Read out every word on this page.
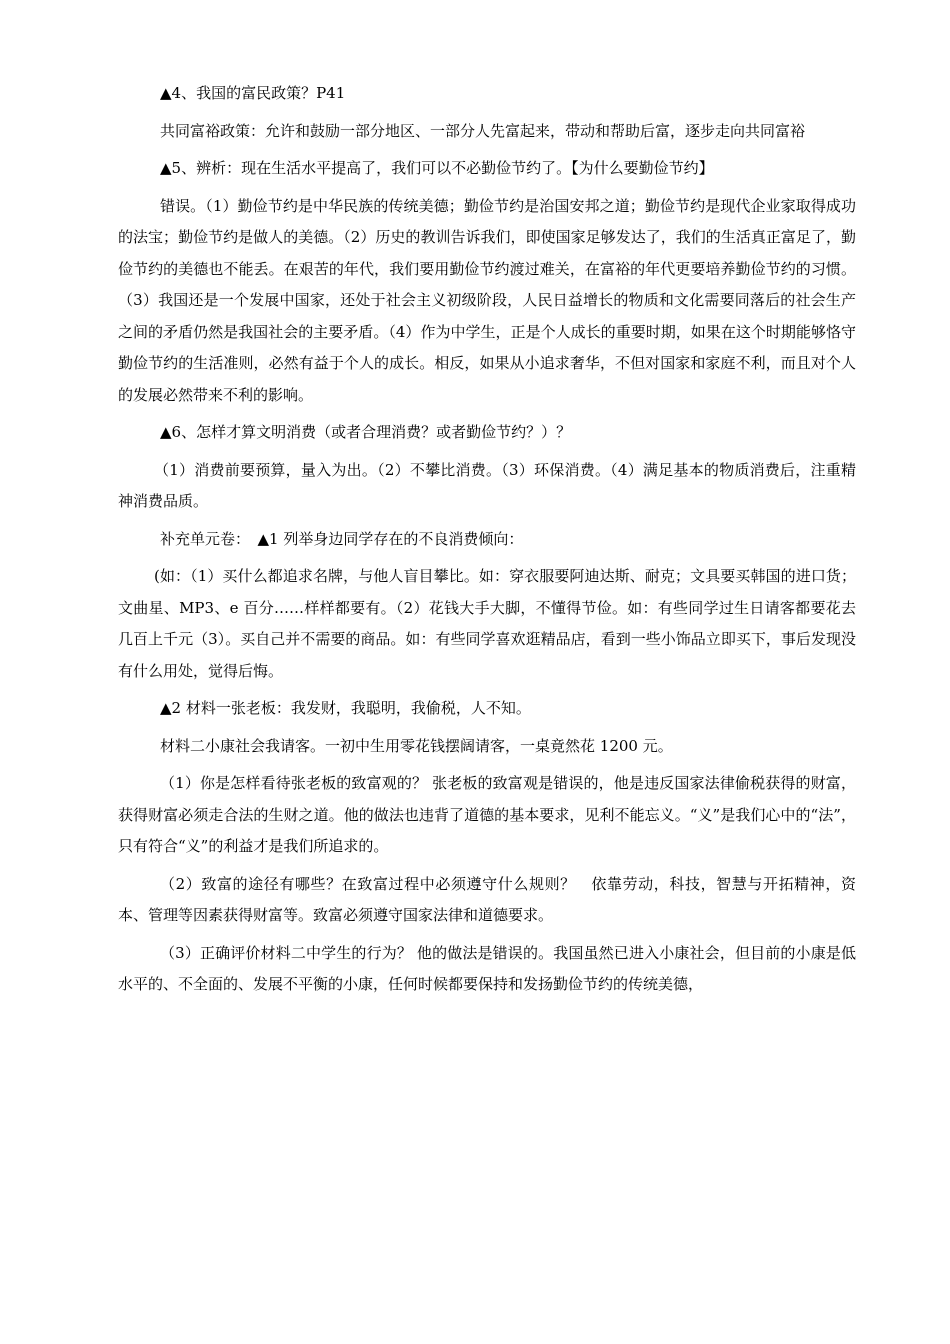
▲4、我国的富民政策？P41

共同富裕政策：允许和鼓励一部分地区、一部分人先富起来，带动和帮助后富，逐步走向共同富裕

▲5、辨析：现在生活水平提高了，我们可以不必勤俭节约了。【为什么要勤俭节约】

错误。（1）勤俭节约是中华民族的传统美德；勤俭节约是治国安邦之道；勤俭节约是现代企业家取得成功的法宝；勤俭节约是做人的美德。（2）历史的教训告诉我们，即使国家足够发达了，我们的生活真正富足了，勤俭节约的美德也不能丢。在艰苦的年代，我们要用勤俭节约渡过难关，在富裕的年代更要培养勤俭节约的习惯。（3）我国还是一个发展中国家，还处于社会主义初级阶段，人民日益增长的物质和文化需要同落后的社会生产之间的矛盾仍然是我国社会的主要矛盾。（4）作为中学生，正是个人成长的重要时期，如果在这个时期能够恪守勤俭节约的生活准则，必然有益于个人的成长。相反，如果从小追求奢华，不但对国家和家庭不利，而且对个人的发展必然带来不利的影响。

▲6、怎样才算文明消费（或者合理消费？或者勤俭节约？）？

（1）消费前要预算，量入为出。（2）不攀比消费。（3）环保消费。（4）满足基本的物质消费后，注重精神消费品质。

补充单元卷：　▲1 列举身边同学存在的不良消费倾向：

(如：（1）买什么都追求名牌，与他人盲目攀比。如：穿衣服要阿迪达斯、耐克；文具要买韩国的进口货；文曲星、MP3、e 百分……样样都要有。（2）花钱大手大脚，不懂得节俭。如：有些同学过生日请客都要花去几百上千元（3）。买自己并不需要的商品。如：有些同学喜欢逛精品店，看到一些小饰品立即买下，事后发现没有什么用处，觉得后悔。

▲2 材料一张老板：我发财，我聪明，我偷税，人不知。

材料二小康社会我请客。一初中生用零花钱摆阔请客，一桌竟然花 1200 元。

（1）你是怎样看待张老板的致富观的？ 张老板的致富观是错误的，他是违反国家法律偷税获得的财富，获得财富必须走合法的生财之道。他的做法也违背了道德的基本要求，见利不能忘义。“义”是我们心中的“法”，只有符合“义”的利益才是我们所追求的。

（2）致富的途径有哪些？在致富过程中必须遵守什么规则？　依靠劳动，科技，智慧与开拓精神，资本、管理等因素获得财富等。致富必须遵守国家法律和道德要求。

（3）正确评价材料二中学生的行为？ 他的做法是错误的。我国虽然已进入小康社会，但目前的小康是低水平的、不全面的、发展不平衡的小康，任何时候都要保持和发扬勤俭节约的传统美德，
